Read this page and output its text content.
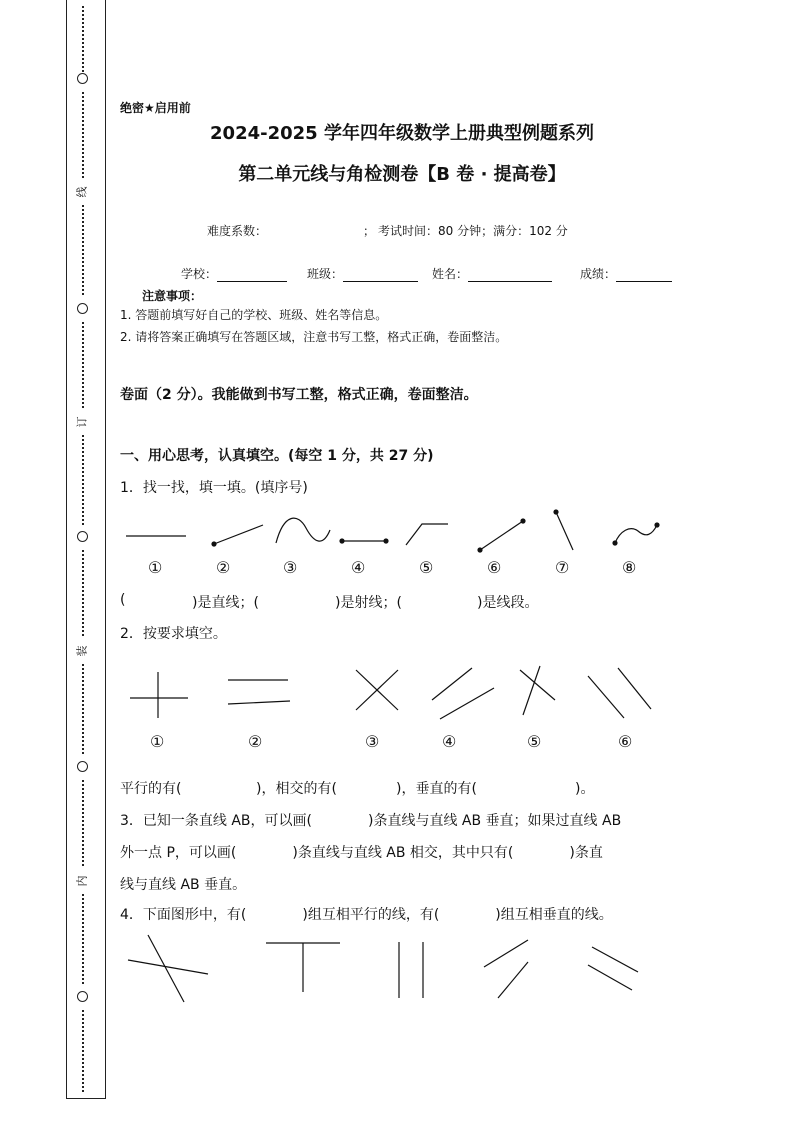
线
订
装
内
绝密★启用前
2024-2025 学年四年级数学上册典型例题系列
第二单元线与角检测卷【B 卷 · 提高卷】
难度系数：	； 考试时间：80 分钟；满分：102 分
学校：	班级：	姓名：	成绩：
注意事项：
1. 答题前填写好自己的学校、班级、姓名等信息。
2. 请将答案正确填写在答题区域，注意书写工整，格式正确，卷面整洁。
卷面（2 分）。我能做到书写工整，格式正确，卷面整洁。
一、用心思考，认真填空。(每空 1 分，共 27 分)
1．找一找，填一填。(填序号)
①	②	③	④	⑤	⑥	⑦	⑧
(	)是直线；(	)是射线；(	)是线段。
2．按要求填空。
①	②	③	④	⑤	⑥
平行的有(	)，相交的有(	)，垂直的有(	)。
3．已知一条直线 AB，可以画(　　　　)条直线与直线 AB 垂直；如果过直线 AB
外一点 P，可以画(　　　　)条直线与直线 AB 相交，其中只有(　　　　)条直
线与直线 AB 垂直。
4．下面图形中，有(　　　　)组互相平行的线，有(　　　　)组互相垂直的线。
